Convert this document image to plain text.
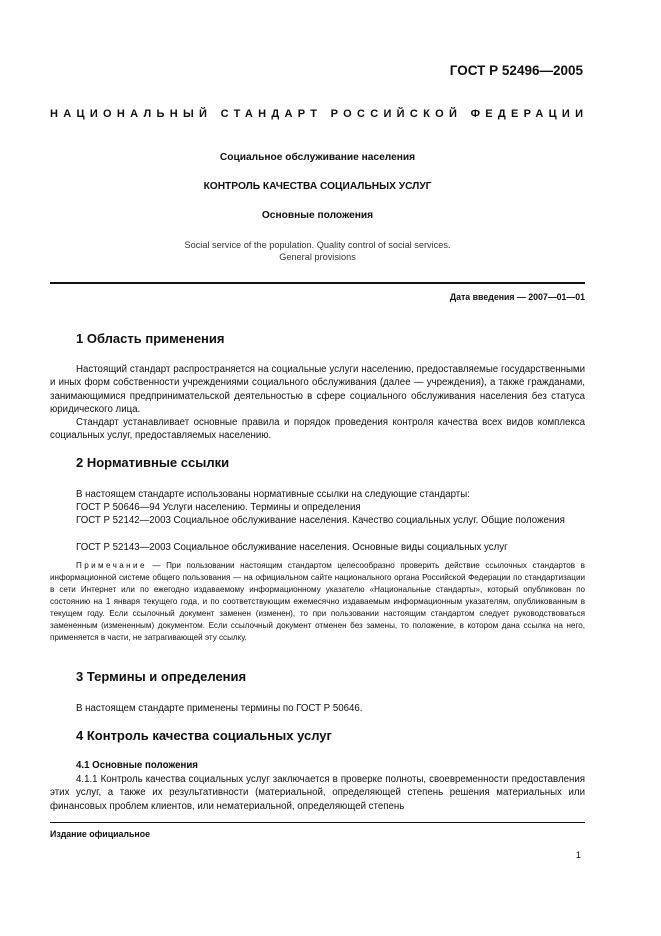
ГОСТ Р 52496—2005
НАЦИОНАЛЬНЫЙ СТАНДАРТ РОССИЙСКОЙ ФЕДЕРАЦИИ
Социальное обслуживание населения
КОНТРОЛЬ КАЧЕСТВА СОЦИАЛЬНЫХ УСЛУГ
Основные положения
Social service of the population. Quality control of social services.
General provisions
Дата введения — 2007—01—01
1 Область применения
Настоящий стандарт распространяется на социальные услуги населению, предоставляемые государственными и иных форм собственности учреждениями социального обслуживания (далее — учреждения), а также гражданами, занимающимися предпринимательской деятельностью в сфере социального обслуживания населения без статуса юридического лица.
Стандарт устанавливает основные правила и порядок проведения контроля качества всех видов комплекса социальных услуг, предоставляемых населению.
2 Нормативные ссылки
В настоящем стандарте использованы нормативные ссылки на следующие стандарты:
ГОСТ Р 50646—94 Услуги населению. Термины и определения
ГОСТ Р 52142—2003 Социальное обслуживание населения. Качество социальных услуг. Общие положения
ГОСТ Р 52143—2003 Социальное обслуживание населения. Основные виды социальных услуг
Примечание — При пользовании настоящим стандартом целесообразно проверить действие ссылочных стандартов в информационной системе общего пользования — на официальном сайте национального органа Российской Федерации по стандартизации в сети Интернет или по ежегодно издаваемому информационному указателю «Национальные стандарты», который опубликован по состоянию на 1 января текущего года, и по соответствующим ежемесячно издаваемым информационным указателям, опубликованным в текущем году. Если ссылочный документ заменен (изменен), то при пользовании настоящим стандартом следует руководствоваться замененным (измененным) документом. Если ссылочный документ отменен без замены, то положение, в котором дана ссылка на него, применяется в части, не затрагивающей эту ссылку.
3 Термины и определения
В настоящем стандарте применены термины по ГОСТ Р 50646.
4 Контроль качества социальных услуг
4.1 Основные положения
4.1.1 Контроль качества социальных услуг заключается в проверке полноты, своевременности предоставления этих услуг, а также их результативности (материальной, определяющей степень решения материальных или финансовых проблем клиентов, или нематериальной, определяющей степень
Издание официальное
1
